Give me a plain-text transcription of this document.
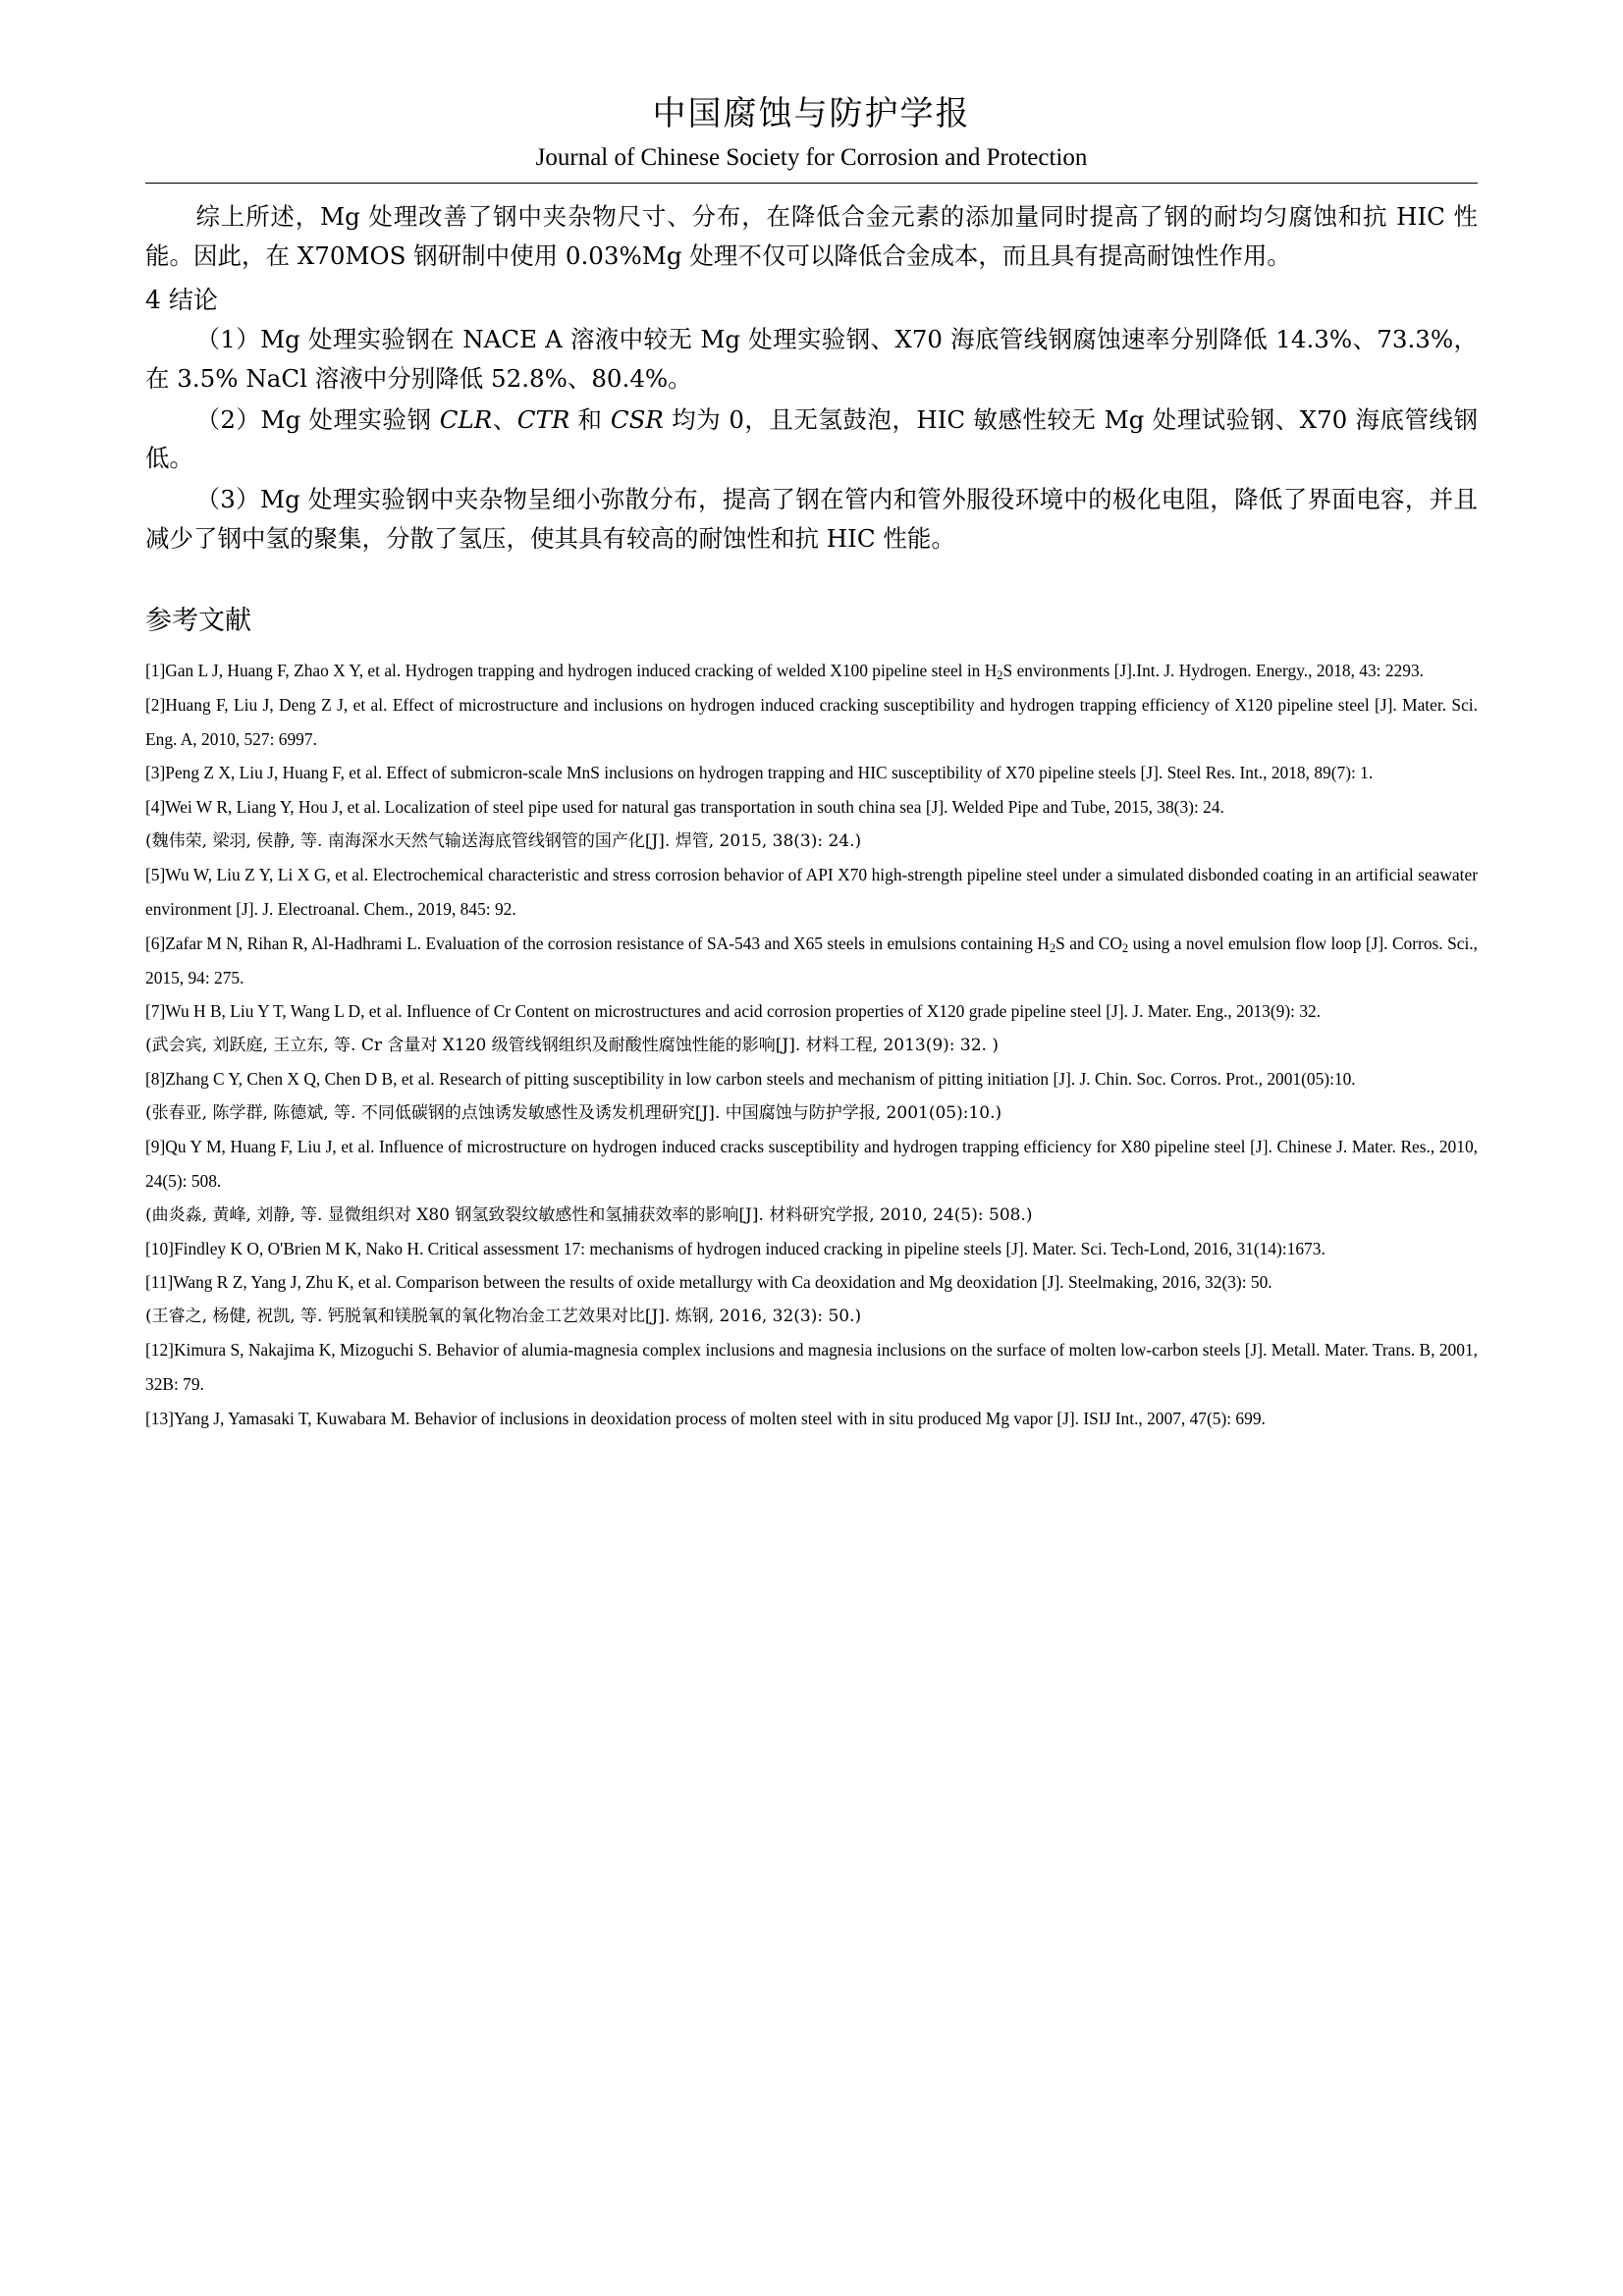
中国腐蚀与防护学报
Journal of Chinese Society for Corrosion and Protection

综上所述，Mg 处理改善了钢中夹杂物尺寸、分布，在降低合金元素的添加量同时提高了钢的耐均匀腐蚀和抗 HIC 性能。因此，在 X70MOS 钢研制中使用 0.03%Mg 处理不仅可以降低合金成本，而且具有提高耐蚀性作用。

4 结论

（1）Mg 处理实验钢在 NACE A 溶液中较无 Mg 处理实验钢、X70 海底管线钢腐蚀速率分别降低 14.3%、73.3%，在 3.5% NaCl 溶液中分别降低 52.8%、80.4%。

（2）Mg 处理实验钢 CLR、CTR 和 CSR 均为 0，且无氢鼓泡，HIC 敏感性较无 Mg 处理试验钢、X70 海底管线钢低。

（3）Mg 处理实验钢中夹杂物呈细小弥散分布，提高了钢在管内和管外服役环境中的极化电阻，降低了界面电容，并且减少了钢中氢的聚集，分散了氢压，使其具有较高的耐蚀性和抗 HIC 性能。

参考文献

[1]Gan L J, Huang F, Zhao X Y, et al. Hydrogen trapping and hydrogen induced cracking of welded X100 pipeline steel in $H_2S$ environments [J].Int. J. Hydrogen. Energy., 2018, 43: 2293.

[2]Huang F, Liu J, Deng Z J, et al. Effect of microstructure and inclusions on hydrogen induced cracking susceptibility and hydrogen trapping efficiency of X120 pipeline steel [J]. Mater. Sci. Eng. A, 2010, 527: 6997.

[3]Peng Z X, Liu J, Huang F, et al. Effect of submicron-scale MnS inclusions on hydrogen trapping and HIC susceptibility of X70 pipeline steels [J]. Steel Res. Int., 2018, 89(7): 1.

[4]Wei W R, Liang Y, Hou J, et al. Localization of steel pipe used for natural gas transportation in south china sea [J]. Welded Pipe and Tube, 2015, 38(3): 24.

(魏伟荣, 梁羽, 侯静, 等. 南海深水天然气输送海底管线钢管的国产化[J]. 焊管, 2015, 38(3): 24.)

[5]Wu W, Liu Z Y, Li X G, et al. Electrochemical characteristic and stress corrosion behavior of API X70 high-strength pipeline steel under a simulated disbonded coating in an artificial seawater environment [J]. J. Electroanal. Chem., 2019, 845: 92.

[6]Zafar M N, Rihan R, Al-Hadhrami L. Evaluation of the corrosion resistance of SA-543 and X65 steels in emulsions containing $H_2S$ and $CO_2$ using a novel emulsion flow loop [J]. Corros. Sci., 2015, 94: 275.

[7]Wu H B, Liu Y T, Wang L D, et al. Influence of Cr Content on microstructures and acid corrosion properties of X120 grade pipeline steel [J]. J. Mater. Eng., 2013(9): 32.

(武会宾, 刘跃庭, 王立东, 等. Cr 含量对 X120 级管线钢组织及耐酸性腐蚀性能的影响[J]. 材料工程, 2013(9): 32. )

[8]Zhang C Y, Chen X Q, Chen D B, et al. Research of pitting susceptibility in low carbon steels and mechanism of pitting initiation [J]. J. Chin. Soc. Corros. Prot., 2001(05):10.

(张春亚, 陈学群, 陈德斌, 等. 不同低碳钢的点蚀诱发敏感性及诱发机理研究[J]. 中国腐蚀与防护学报, 2001(05):10.)

[9]Qu Y M, Huang F, Liu J, et al. Influence of microstructure on hydrogen induced cracks susceptibility and hydrogen trapping efficiency for X80 pipeline steel [J]. Chinese J. Mater. Res., 2010, 24(5): 508.

(曲炎淼, 黄峰, 刘静, 等. 显微组织对 X80 钢氢致裂纹敏感性和氢捕获效率的影响[J]. 材料研究学报, 2010, 24(5): 508.)

[10]Findley K O, O'Brien M K, Nako H. Critical assessment 17: mechanisms of hydrogen induced cracking in pipeline steels [J]. Mater. Sci. Tech-Lond, 2016, 31(14):1673.

[11]Wang R Z, Yang J, Zhu K, et al. Comparison between the results of oxide metallurgy with Ca deoxidation and Mg deoxidation [J]. Steelmaking, 2016, 32(3): 50.

(王睿之, 杨健, 祝凯, 等. 钙脱氧和镁脱氧的氧化物冶金工艺效果对比[J]. 炼钢, 2016, 32(3): 50.)

[12]Kimura S, Nakajima K, Mizoguchi S. Behavior of alumia-magnesia complex inclusions and magnesia inclusions on the surface of molten low-carbon steels [J]. Metall. Mater. Trans. B, 2001, 32B: 79.

[13]Yang J, Yamasaki T, Kuwabara M. Behavior of inclusions in deoxidation process of molten steel with in situ produced Mg vapor [J]. ISIJ Int., 2007, 47(5): 699.
